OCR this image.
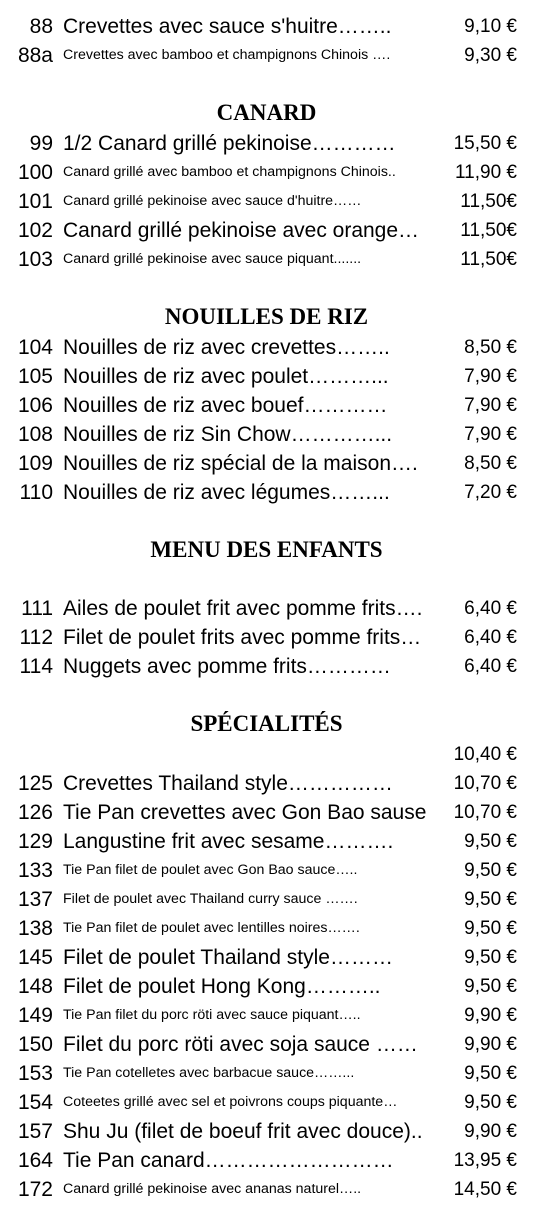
88 Crevettes avec sauce s'huitre……..	9,10 €
88a Crevettes avec bamboo et champignons Chinois ….	9,30 €
CANARD
99 1/2 Canard grillé pekinoise…………	15,50 €
100 Canard grillé avec bamboo et champignons Chinois..	11,90 €
101 Canard grillé pekinoise avec sauce d'huitre……	11,50€
102 Canard grillé pekinoise avec orange…	11,50€
103 Canard grillé pekinoise avec sauce piquant.......	11,50€
NOUILLES DE RIZ
104 Nouilles de riz avec crevettes……..	8,50 €
105 Nouilles de riz avec poulet………...	7,90 €
106 Nouilles de riz avec bouef…………	7,90 €
108 Nouilles de riz Sin Chow…………...	7,90 €
109 Nouilles de riz spécial de la maison….	8,50 €
110 Nouilles de riz avec légumes……...	7,20 €
MENU DES ENFANTS
111 Ailes de poulet frit avec pomme frits….	6,40 €
112 Filet de poulet frits avec pomme frits…	6,40 €
114 Nuggets avec pomme frits…………	6,40 €
SPÉCIALITÉS
10,40 €
125 Crevettes Thailand style……………	10,70 €
126 Tie Pan crevettes avec Gon Bao sause	10,70 €
129 Langustine frit avec sesame……….	9,50 €
133 Tie Pan filet de poulet avec Gon Bao sauce…..	9,50 €
137 Filet de poulet avec Thailand curry sauce …….	9,50 €
138 Tie Pan filet de poulet avec lentilles noires…….	9,50 €
145 Filet de poulet Thailand style………	9,50 €
148 Filet de poulet Hong Kong………..	9,50 €
149 Tie Pan filet du porc röti avec sauce piquant…..	9,90 €
150 Filet du porc röti avec soja sauce ……	9,90 €
153 Tie Pan cotelletes avec barbacue sauce……...	9,50 €
154 Coteetes grillé avec sel et poivrons coups piquante…	9,50 €
157 Shu Ju (filet de boeuf frit avec douce)..	9,90 €
164 Tie Pan canard………………………	13,95 €
172 Canard grillé pekinoise avec ananas naturel…..	14,50 €
